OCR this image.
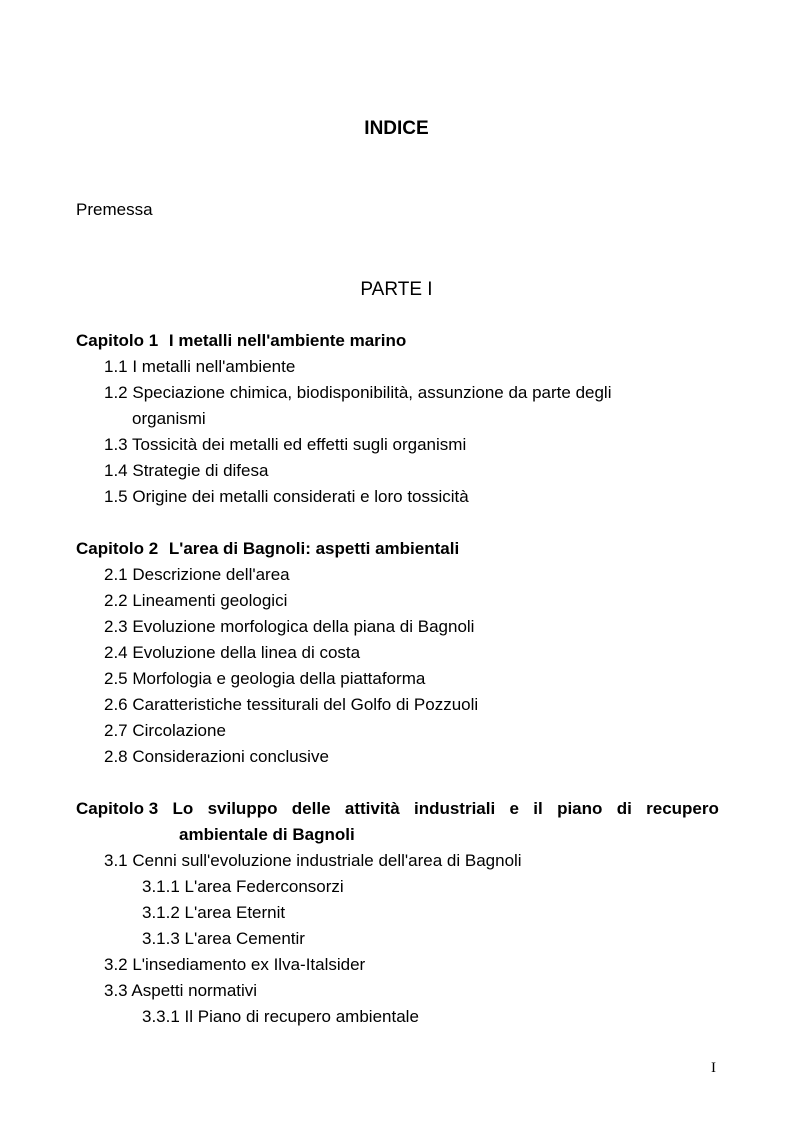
INDICE
Premessa
PARTE I
Capitolo 1 I metalli nell'ambiente marino
1.1 I metalli nell'ambiente
1.2 Speciazione chimica, biodisponibilità, assunzione da parte degli
organismi
1.3 Tossicità dei metalli ed effetti sugli organismi
1.4 Strategie di difesa
1.5 Origine dei metalli considerati e loro tossicità
Capitolo 2 L'area di Bagnoli: aspetti ambientali
2.1 Descrizione dell'area
2.2 Lineamenti geologici
2.3 Evoluzione morfologica della piana di Bagnoli
2.4 Evoluzione della linea di costa
2.5 Morfologia e geologia della piattaforma
2.6 Caratteristiche tessiturali del Golfo di Pozzuoli
2.7 Circolazione
2.8 Considerazioni conclusive
Capitolo 3 Lo sviluppo delle attività industriali e il piano di recupero
ambientale di Bagnoli
3.1 Cenni sull'evoluzione industriale dell'area di Bagnoli
3.1.1 L'area Federconsorzi
3.1.2 L'area Eternit
3.1.3 L'area Cementir
3.2 L'insediamento ex Ilva-Italsider
3.3 Aspetti normativi
3.3.1 Il Piano di recupero ambientale
I
